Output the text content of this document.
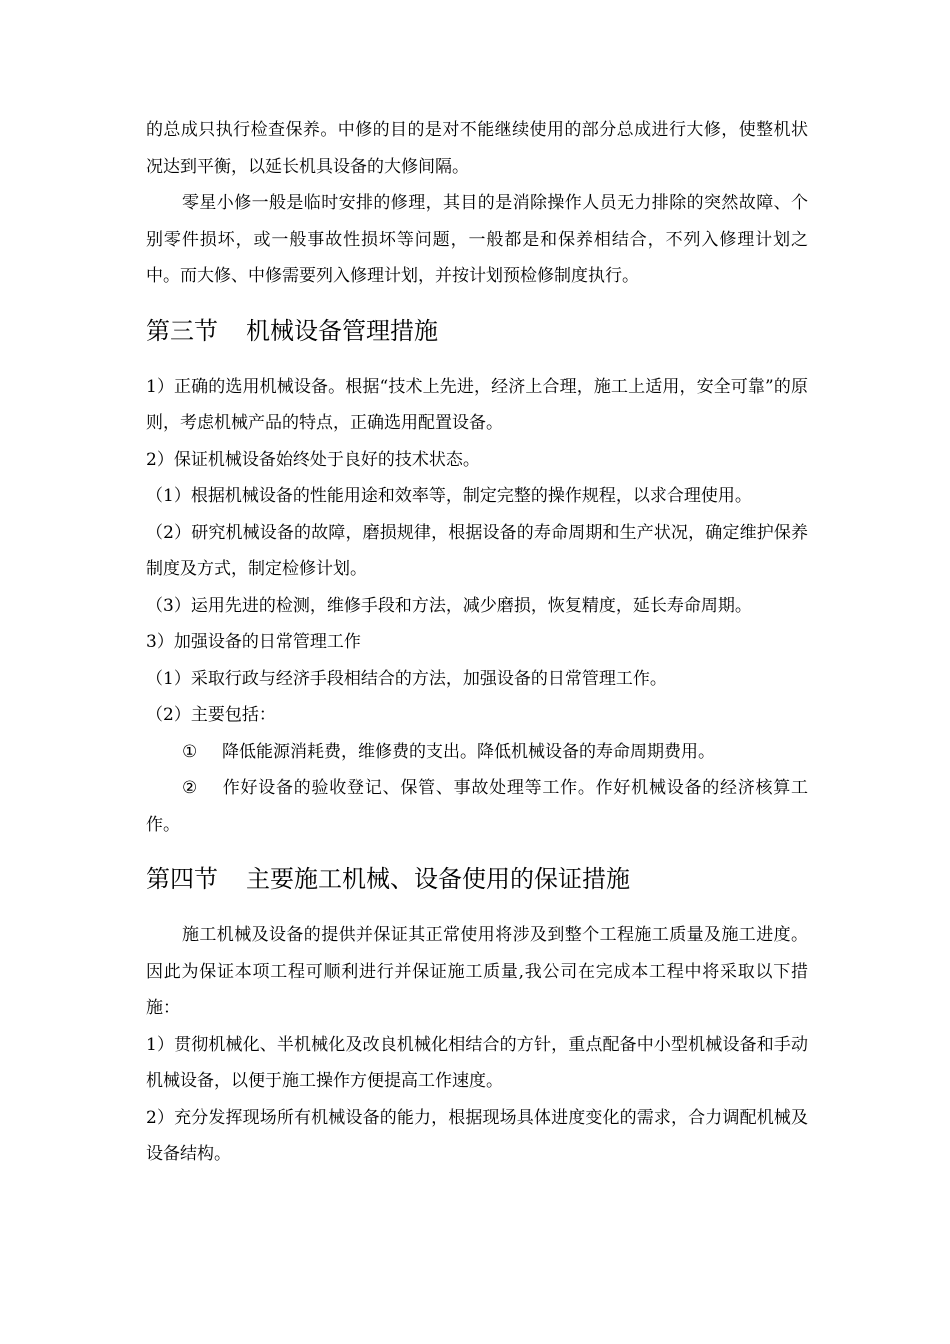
的总成只执行检查保养。中修的目的是对不能继续使用的部分总成进行大修，使整机状况达到平衡，以延长机具设备的大修间隔。

零星小修一般是临时安排的修理，其目的是消除操作人员无力排除的突然故障、个别零件损坏，或一般事故性损坏等问题，一般都是和保养相结合，不列入修理计划之中。而大修、中修需要列入修理计划，并按计划预检修制度执行。

第三节 机械设备管理措施

1）正确的选用机械设备。根据“技术上先进，经济上合理，施工上适用，安全可靠”的原则，考虑机械产品的特点，正确选用配置设备。

2）保证机械设备始终处于良好的技术状态。

（1）根据机械设备的性能用途和效率等，制定完整的操作规程，以求合理使用。

（2）研究机械设备的故障，磨损规律，根据设备的寿命周期和生产状况，确定维护保养制度及方式，制定检修计划。

（3）运用先进的检测，维修手段和方法，减少磨损，恢复精度，延长寿命周期。

3）加强设备的日常管理工作

（1）采取行政与经济手段相结合的方法，加强设备的日常管理工作。

（2）主要包括：

① 降低能源消耗费，维修费的支出。降低机械设备的寿命周期费用。

② 作好设备的验收登记、保管、事故处理等工作。作好机械设备的经济核算工作。

第四节 主要施工机械、设备使用的保证措施

施工机械及设备的提供并保证其正常使用将涉及到整个工程施工质量及施工进度。因此为保证本项工程可顺利进行并保证施工质量,我公司在完成本工程中将采取以下措施：

1）贯彻机械化、半机械化及改良机械化相结合的方针，重点配备中小型机械设备和手动机械设备，以便于施工操作方便提高工作速度。

2）充分发挥现场所有机械设备的能力，根据现场具体进度变化的需求，合力调配机械及设备结构。
